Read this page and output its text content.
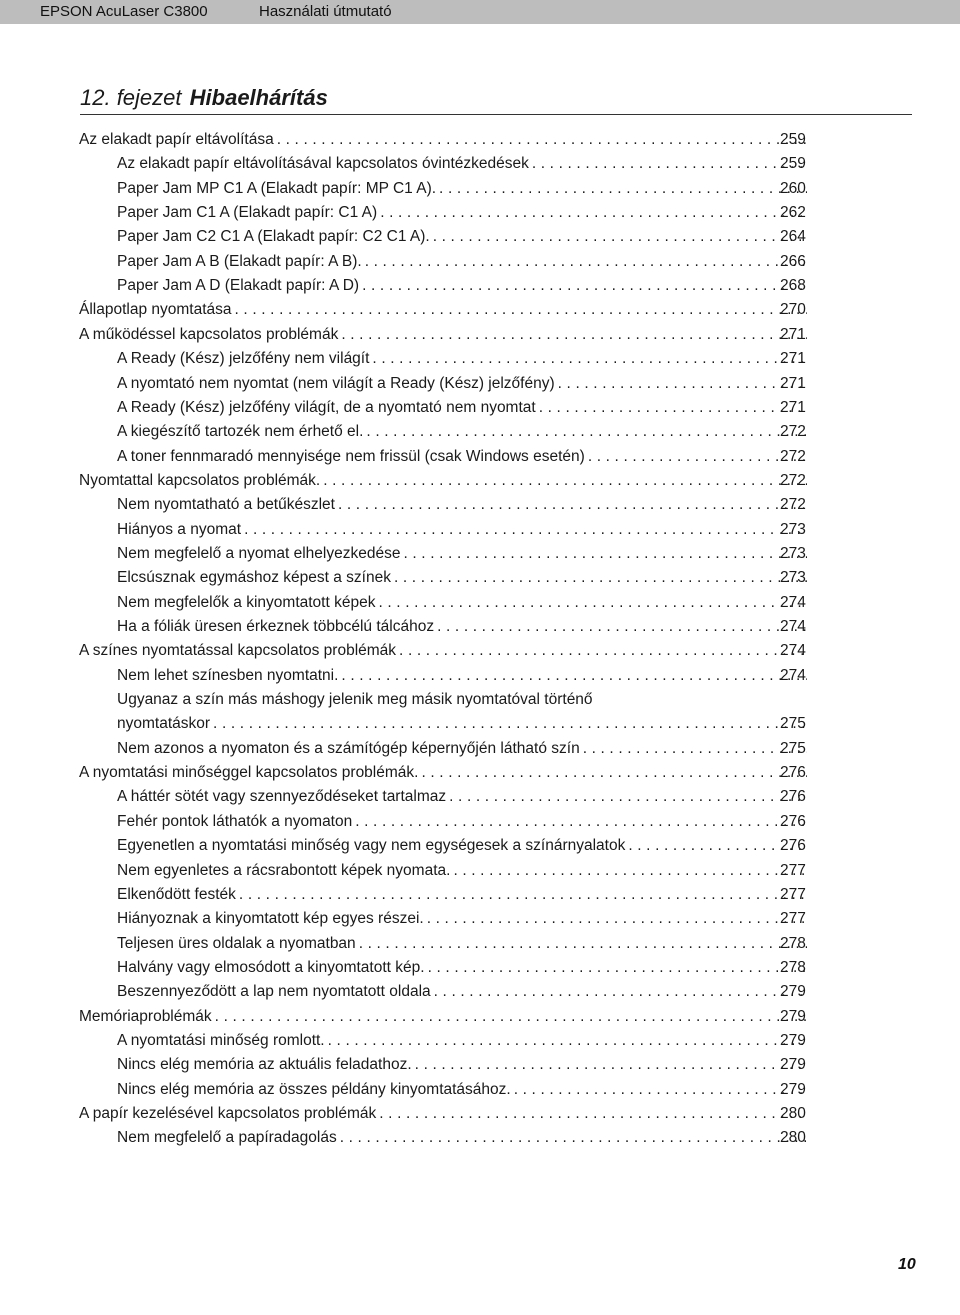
EPSON AcuLaser C3800	Használati útmutató
12. fejezet Hibaelhárítás
Az elakadt papír eltávolítása . . .	259
Az elakadt papír eltávolításával kapcsolatos óvintézkedések . . .	259
Paper Jam MP C1 A (Elakadt papír: MP C1 A). . . .	260
Paper Jam C1 A (Elakadt papír: C1 A) . . .	262
Paper Jam C2 C1 A (Elakadt papír: C2 C1 A). . . .	264
Paper Jam A B (Elakadt papír: A B). . . .	266
Paper Jam A D (Elakadt papír: A D) . . .	268
Állapotlap nyomtatása . . .	270
A működéssel kapcsolatos problémák . . .	271
A Ready (Kész) jelzőfény nem világít . . .	271
A nyomtató nem nyomtat (nem világít a Ready (Kész) jelzőfény) . . .	271
A Ready (Kész) jelzőfény világít, de a nyomtató nem nyomtat . . .	271
A kiegészítő tartozék nem érhető el. . . .	272
A toner fennmaradó mennyisége nem frissül (csak Windows esetén) . . .	272
Nyomtattal kapcsolatos problémák. . . .	272
Nem nyomtatható a betűkészlet . . .	272
Hiányos a nyomat . . .	273
Nem megfelelő a nyomat elhelyezkedése . . .	273
Elcsúsznak egymáshoz képest a színek . . .	273
Nem megfelelők a kinyomtatott képek . . .	274
Ha a fóliák üresen érkeznek többcélú tálcához . . .	274
A színes nyomtatással kapcsolatos problémák . . .	274
Nem lehet színesben nyomtatni. . . .	274
Ugyanaz a szín más máshogy jelenik meg másik nyomtatóval történő
nyomtatáskor . . .	275
Nem azonos a nyomaton és a számítógép képernyőjén látható szín . . .	275
A nyomtatási minőséggel kapcsolatos problémák. . . .	276
A háttér sötét vagy szennyeződéseket tartalmaz . . .	276
Fehér pontok láthatók a nyomaton . . .	276
Egyenetlen a nyomtatási minőség vagy nem egységesek a színárnyalatok . . .	276
Nem egyenletes a rácsrabontott képek nyomata. . . .	277
Elkenődött festék . . .	277
Hiányoznak a kinyomtatott kép egyes részei. . . .	277
Teljesen üres oldalak a nyomatban . . .	278
Halvány vagy elmosódott a kinyomtatott kép. . . .	278
Beszennyeződött a lap nem nyomtatott oldala . . .	279
Memóriaproblémák . . .	279
A nyomtatási minőség romlott. . . .	279
Nincs elég memória az aktuális feladathoz. . . .	279
Nincs elég memória az összes példány kinyomtatásához. . . .	279
A papír kezelésével kapcsolatos problémák . . .	280
Nem megfelelő a papíradagolás . . .	280
10
